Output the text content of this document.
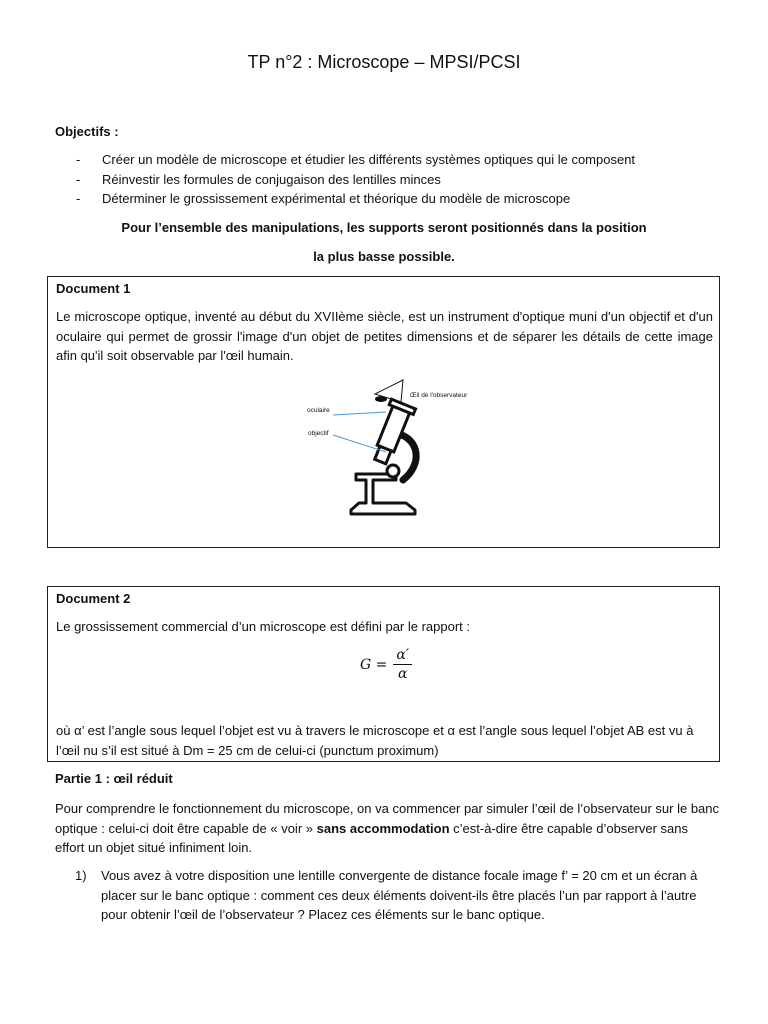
TP n°2 : Microscope – MPSI/PCSI
Objectifs :
-	Créer un modèle de microscope et étudier les différents systèmes optiques qui le composent
-	Réinvestir les formules de conjugaison des lentilles minces
-	Déterminer le grossissement expérimental et théorique du modèle de microscope
Pour l’ensemble des manipulations, les supports seront positionnés dans la position
la plus basse possible.
Document 1
Le microscope optique, inventé au début du XVIIème siècle, est un instrument d'optique muni d'un objectif et d'un oculaire qui permet de grossir l'image d'un objet de petites dimensions et de séparer les détails de cette image afin qu'il soit observable par l'œil humain.
Œil de l'observateur
oculaire
objectif
Document 2
Le grossissement commercial d’un microscope est défini par le rapport :
$G = \frac{\alpha'}{\alpha}$
où α’ est l’angle sous lequel l’objet est vu à travers le microscope et α est l’angle sous lequel l’objet AB est vu à l’œil nu s’il est situé à Dm = 25 cm de celui-ci (punctum proximum)
Partie 1 : œil réduit
Pour comprendre le fonctionnement du microscope, on va commencer par simuler l’œil de l’observateur sur le banc optique : celui-ci doit être capable de « voir » sans accommodation c’est-à-dire être capable d’observer sans effort un objet situé infiniment loin.
1)	Vous avez à votre disposition une lentille convergente de distance focale image f’ = 20 cm et un écran à placer sur le banc optique : comment ces deux éléments doivent-ils être placés l’un par rapport à l’autre pour obtenir l’œil de l’observateur ? Placez ces éléments sur le banc optique.
